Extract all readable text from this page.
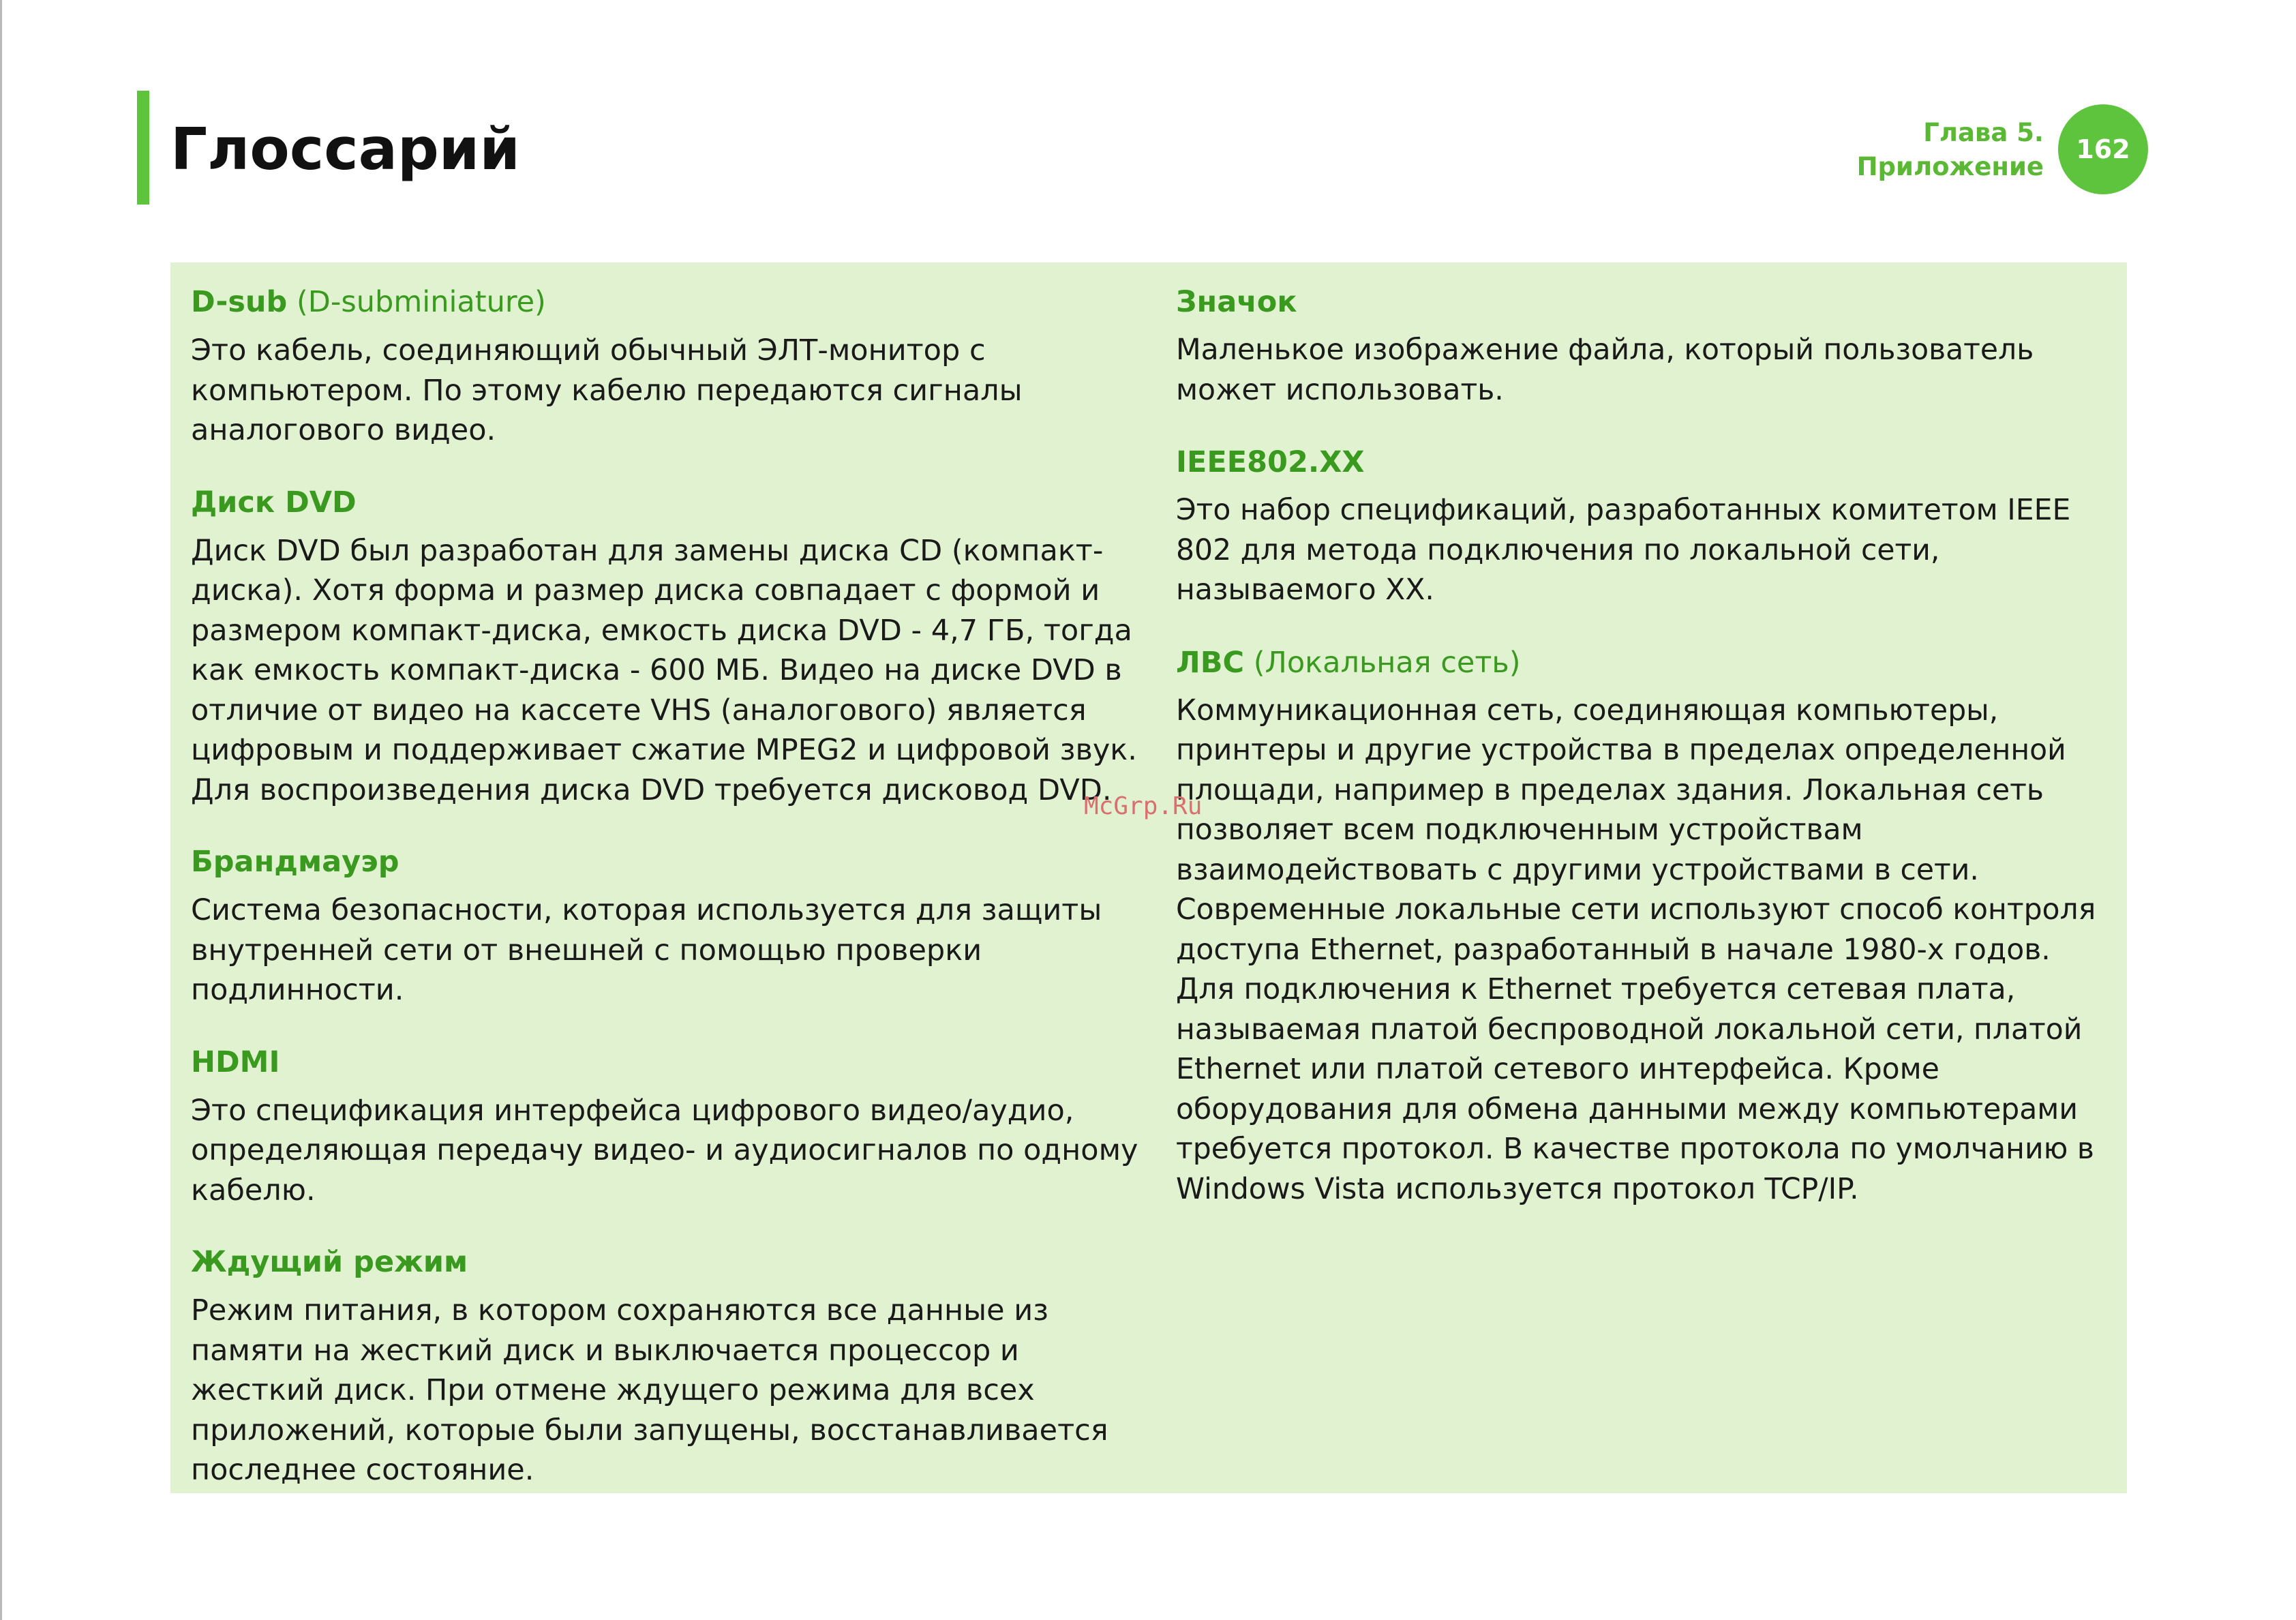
Глоссарий	Глава 5.
Приложение
162
D-sub (D-subminiature)

Это кабель, соединяющий обычный ЭЛТ-монитор с компьютером. По этому кабелю передаются сигналы аналогового видео.

Диск DVD

Диск DVD был разработан для замены диска CD (компакт-диска). Хотя форма и размер диска совпадает с формой и размером компакт-диска, емкость диска DVD - 4,7 ГБ, тогда как емкость компакт-диска - 600 МБ. Видео на диске DVD в отличие от видео на кассете VHS (аналогового) является цифровым и поддерживает сжатие MPEG2 и цифровой звук. Для воспроизведения диска DVD требуется дисковод DVD.

Брандмауэр

Система безопасности, которая используется для защиты внутренней сети от внешней с помощью проверки подлинности.

HDMI

Это спецификация интерфейса цифрового видео/аудио, определяющая передачу видео- и аудиосигналов по одному кабелю.

Ждущий режим

Режим питания, в котором сохраняются все данные из памяти на жесткий диск и выключается процессор и жесткий диск. При отмене ждущего режима для всех приложений, которые были запущены, восстанавливается последнее состояние.

Значок

Маленькое изображение файла, который пользователь может использовать.

IEEE802.XX

Это набор спецификаций, разработанных комитетом IEEE 802 для метода подключения по локальной сети, называемого XX.

ЛВС (Локальная сеть)

Коммуникационная сеть, соединяющая компьютеры, принтеры и другие устройства в пределах определенной площади, например в пределах здания. Локальная сеть позволяет всем подключенным устройствам взаимодействовать с другими устройствами в сети. Современные локальные сети используют способ контроля доступа Ethernet, разработанный в начале 1980-х годов. Для подключения к Ethernet требуется сетевая плата, называемая платой беспроводной локальной сети, платой Ethernet или платой сетевого интерфейса. Кроме оборудования для обмена данными между компьютерами требуется протокол. В качестве протокола по умолчанию в Windows Vista используется протокол TCP/IP.

McGrp.Ru
